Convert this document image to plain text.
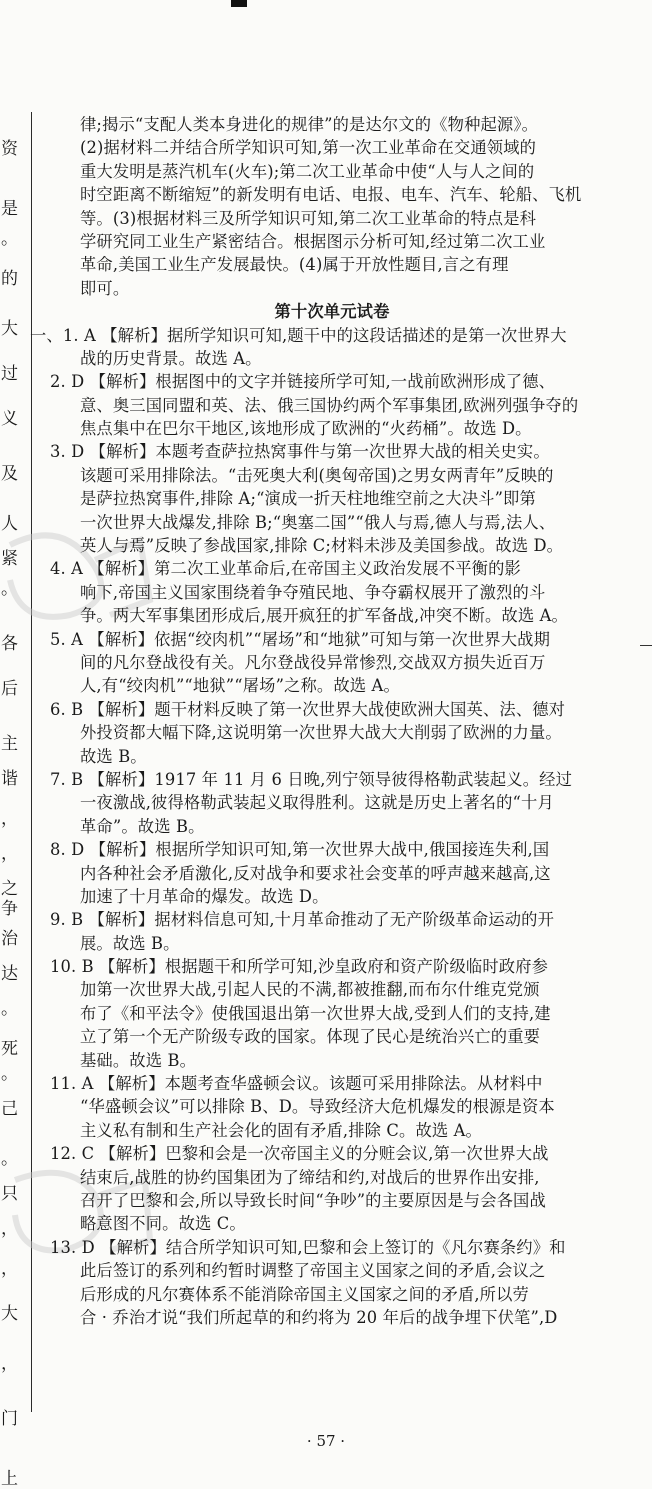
资
是
。
的
大
过
义
及
人
紧
。
各
后
主
谐
，
，
之
争
治
达
。
死
。
己
。
只
，
，
大
，
门
上
律;揭示“支配人类本身进化的规律”的是达尔文的《物种起源》。
(2)据材料二并结合所学知识可知,第一次工业革命在交通领域的
重大发明是蒸汽机车(火车);第二次工业革命中使“人与人之间的
时空距离不断缩短”的新发明有电话、电报、电车、汽车、轮船、飞机
等。(3)根据材料三及所学知识可知,第二次工业革命的特点是科
学研究同工业生产紧密结合。根据图示分析可知,经过第二次工业
革命,美国工业生产发展最快。(4)属于开放性题目,言之有理
即可。
第十次单元试卷
一、1. A 【解析】据所学知识可知,题干中的这段话描述的是第一次世界大
战的历史背景。故选 A。
2. D 【解析】根据图中的文字并链接所学可知,一战前欧洲形成了德、
意、奥三国同盟和英、法、俄三国协约两个军事集团,欧洲列强争夺的
焦点集中在巴尔干地区,该地形成了欧洲的“火药桶”。故选 D。
3. D 【解析】本题考查萨拉热窝事件与第一次世界大战的相关史实。
该题可采用排除法。“击死奥大利(奥匈帝国)之男女两青年”反映的
是萨拉热窝事件,排除 A;“演成一折天柱地维空前之大决斗”即第
一次世界大战爆发,排除 B;“奥塞二国”“俄人与焉,德人与焉,法人、
英人与焉”反映了参战国家,排除 C;材料未涉及美国参战。故选 D。
4. A 【解析】第二次工业革命后,在帝国主义政治发展不平衡的影
响下,帝国主义国家围绕着争夺殖民地、争夺霸权展开了激烈的斗
争。两大军事集团形成后,展开疯狂的扩军备战,冲突不断。故选 A。
5. A 【解析】依据“绞肉机”“屠场”和“地狱”可知与第一次世界大战期
间的凡尔登战役有关。凡尔登战役异常惨烈,交战双方损失近百万
人,有“绞肉机”“地狱”“屠场”之称。故选 A。
6. B 【解析】题干材料反映了第一次世界大战使欧洲大国英、法、德对
外投资都大幅下降,这说明第一次世界大战大大削弱了欧洲的力量。
故选 B。
7. B 【解析】1917 年 11 月 6 日晚,列宁领导彼得格勒武装起义。经过
一夜激战,彼得格勒武装起义取得胜利。这就是历史上著名的“十月
革命”。故选 B。
8. D 【解析】根据所学知识可知,第一次世界大战中,俄国接连失利,国
内各种社会矛盾激化,反对战争和要求社会变革的呼声越来越高,这
加速了十月革命的爆发。故选 D。
9. B 【解析】据材料信息可知,十月革命推动了无产阶级革命运动的开
展。故选 B。
10. B 【解析】根据题干和所学可知,沙皇政府和资产阶级临时政府参
加第一次世界大战,引起人民的不满,都被推翻,而布尔什维克党颁
布了《和平法令》使俄国退出第一次世界大战,受到人们的支持,建
立了第一个无产阶级专政的国家。体现了民心是统治兴亡的重要
基础。故选 B。
11. A 【解析】本题考查华盛顿会议。该题可采用排除法。从材料中
“华盛顿会议”可以排除 B、D。导致经济大危机爆发的根源是资本
主义私有制和生产社会化的固有矛盾,排除 C。故选 A。
12. C 【解析】巴黎和会是一次帝国主义的分赃会议,第一次世界大战
结束后,战胜的协约国集团为了缔结和约,对战后的世界作出安排,
召开了巴黎和会,所以导致长时间“争吵”的主要原因是与会各国战
略意图不同。故选 C。
13. D 【解析】结合所学知识可知,巴黎和会上签订的《凡尔赛条约》和
此后签订的系列和约暂时调整了帝国主义国家之间的矛盾,会议之
后形成的凡尔赛体系不能消除帝国主义国家之间的矛盾,所以劳
合 · 乔治才说“我们所起草的和约将为 20 年后的战争埋下伏笔”,D
· 57 ·
